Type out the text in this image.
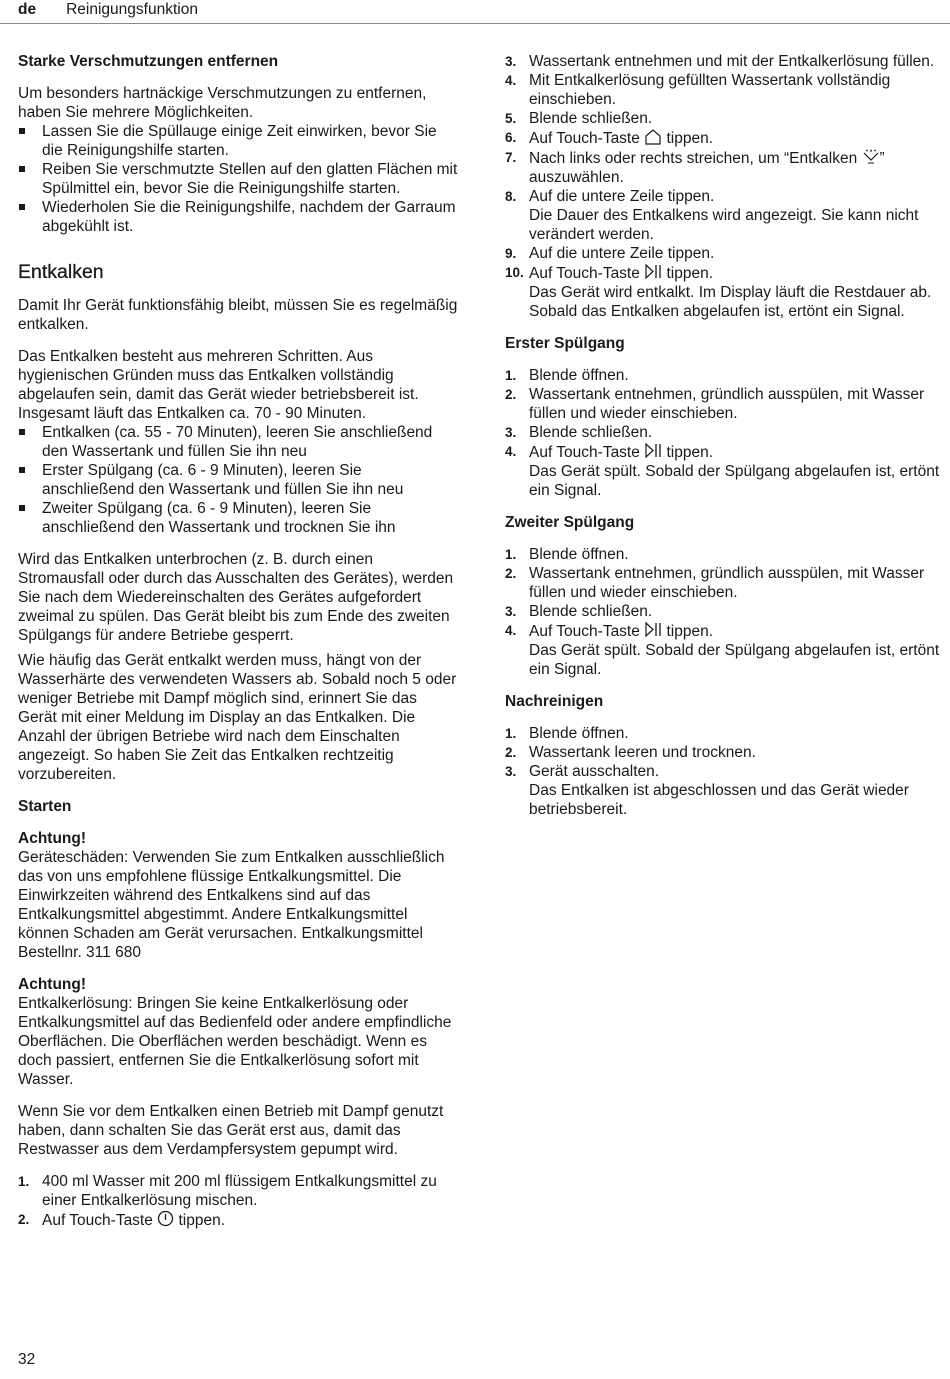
de Reinigungsfunktion
Starke Verschmutzungen entfernen

Um besonders hartnäckige Verschmutzungen zu entfernen, haben Sie mehrere Möglichkeiten.

Lassen Sie die Spüllauge einige Zeit einwirken, bevor Sie die Reinigungshilfe starten.
Reiben Sie verschmutzte Stellen auf den glatten Flächen mit Spülmittel ein, bevor Sie die Reinigungshilfe starten.
Wiederholen Sie die Reinigungshilfe, nachdem der Garraum abgekühlt ist.
Entkalken

Damit Ihr Gerät funktionsfähig bleibt, müssen Sie es regelmäßig entkalken.

Das Entkalken besteht aus mehreren Schritten. Aus hygienischen Gründen muss das Entkalken vollständig abgelaufen sein, damit das Gerät wieder betriebsbereit ist. Insgesamt läuft das Entkalken ca. 70 - 90 Minuten.

Entkalken (ca. 55 - 70 Minuten), leeren Sie anschließend den Wassertank und füllen Sie ihn neu
Erster Spülgang (ca. 6 - 9 Minuten), leeren Sie anschließend den Wassertank und füllen Sie ihn neu
Zweiter Spülgang (ca. 6 - 9 Minuten), leeren Sie anschließend den Wassertank und trocknen Sie ihn

Wird das Entkalken unterbrochen (z. B. durch einen Stromausfall oder durch das Ausschalten des Gerätes), werden Sie nach dem Wiedereinschalten des Gerätes aufgefordert zweimal zu spülen. Das Gerät bleibt bis zum Ende des zweiten Spülgangs für andere Betriebe gesperrt.

Wie häufig das Gerät entkalkt werden muss, hängt von der Wasserhärte des verwendeten Wassers ab. Sobald noch 5 oder weniger Betriebe mit Dampf möglich sind, erinnert Sie das Gerät mit einer Meldung im Display an das Entkalken. Die Anzahl der übrigen Betriebe wird nach dem Einschalten angezeigt. So haben Sie Zeit das Entkalken rechtzeitig vorzubereiten.

Starten

Achtung!

Geräteschäden: Verwenden Sie zum Entkalken ausschließlich das von uns empfohlene flüssige Entkalkungsmittel. Die Einwirkzeiten während des Entkalkens sind auf das Entkalkungsmittel abgestimmt. Andere Entkalkungsmittel können Schaden am Gerät verursachen. Entkalkungsmittel Bestellnr. 311 680

Achtung!

Entkalkerlösung: Bringen Sie keine Entkalkerlösung oder Entkalkungsmittel auf das Bedienfeld oder andere empfindliche Oberflächen. Die Oberflächen werden beschädigt. Wenn es doch passiert, entfernen Sie die Entkalkerlösung sofort mit Wasser.

Wenn Sie vor dem Entkalken einen Betrieb mit Dampf genutzt haben, dann schalten Sie das Gerät erst aus, damit das Restwasser aus dem Verdampfersystem gepumpt wird.

1. 400 ml Wasser mit 200 ml flüssigem Entkalkungsmittel zu einer Entkalkerlösung mischen.
2. Auf Touch-Taste tippen.
3. Wassertank entnehmen und mit der Entkalkerlösung füllen.
4. Mit Entkalkerlösung gefüllten Wassertank vollständig einschieben.
5. Blende schließen.
6. Auf Touch-Taste tippen.
7. Nach links oder rechts streichen, um “Entkalken ” auszuwählen.
8. Auf die untere Zeile tippen.
Die Dauer des Entkalkens wird angezeigt. Sie kann nicht verändert werden.
9. Auf die untere Zeile tippen.
10. Auf Touch-Taste tippen.
Das Gerät wird entkalkt. Im Display läuft die Restdauer ab. Sobald das Entkalken abgelaufen ist, ertönt ein Signal.
Erster Spülgang
1. Blende öffnen.
2. Wassertank entnehmen, gründlich ausspülen, mit Wasser füllen und wieder einschieben.
3. Blende schließen.
4. Auf Touch-Taste tippen.
Das Gerät spült. Sobald der Spülgang abgelaufen ist, ertönt ein Signal.
Zweiter Spülgang
1. Blende öffnen.
2. Wassertank entnehmen, gründlich ausspülen, mit Wasser füllen und wieder einschieben.
3. Blende schließen.
4. Auf Touch-Taste tippen.
Das Gerät spült. Sobald der Spülgang abgelaufen ist, ertönt ein Signal.
Nachreinigen
1. Blende öffnen.
2. Wassertank leeren und trocknen.
3. Gerät ausschalten.
Das Entkalken ist abgeschlossen und das Gerät wieder betriebsbereit.
32
